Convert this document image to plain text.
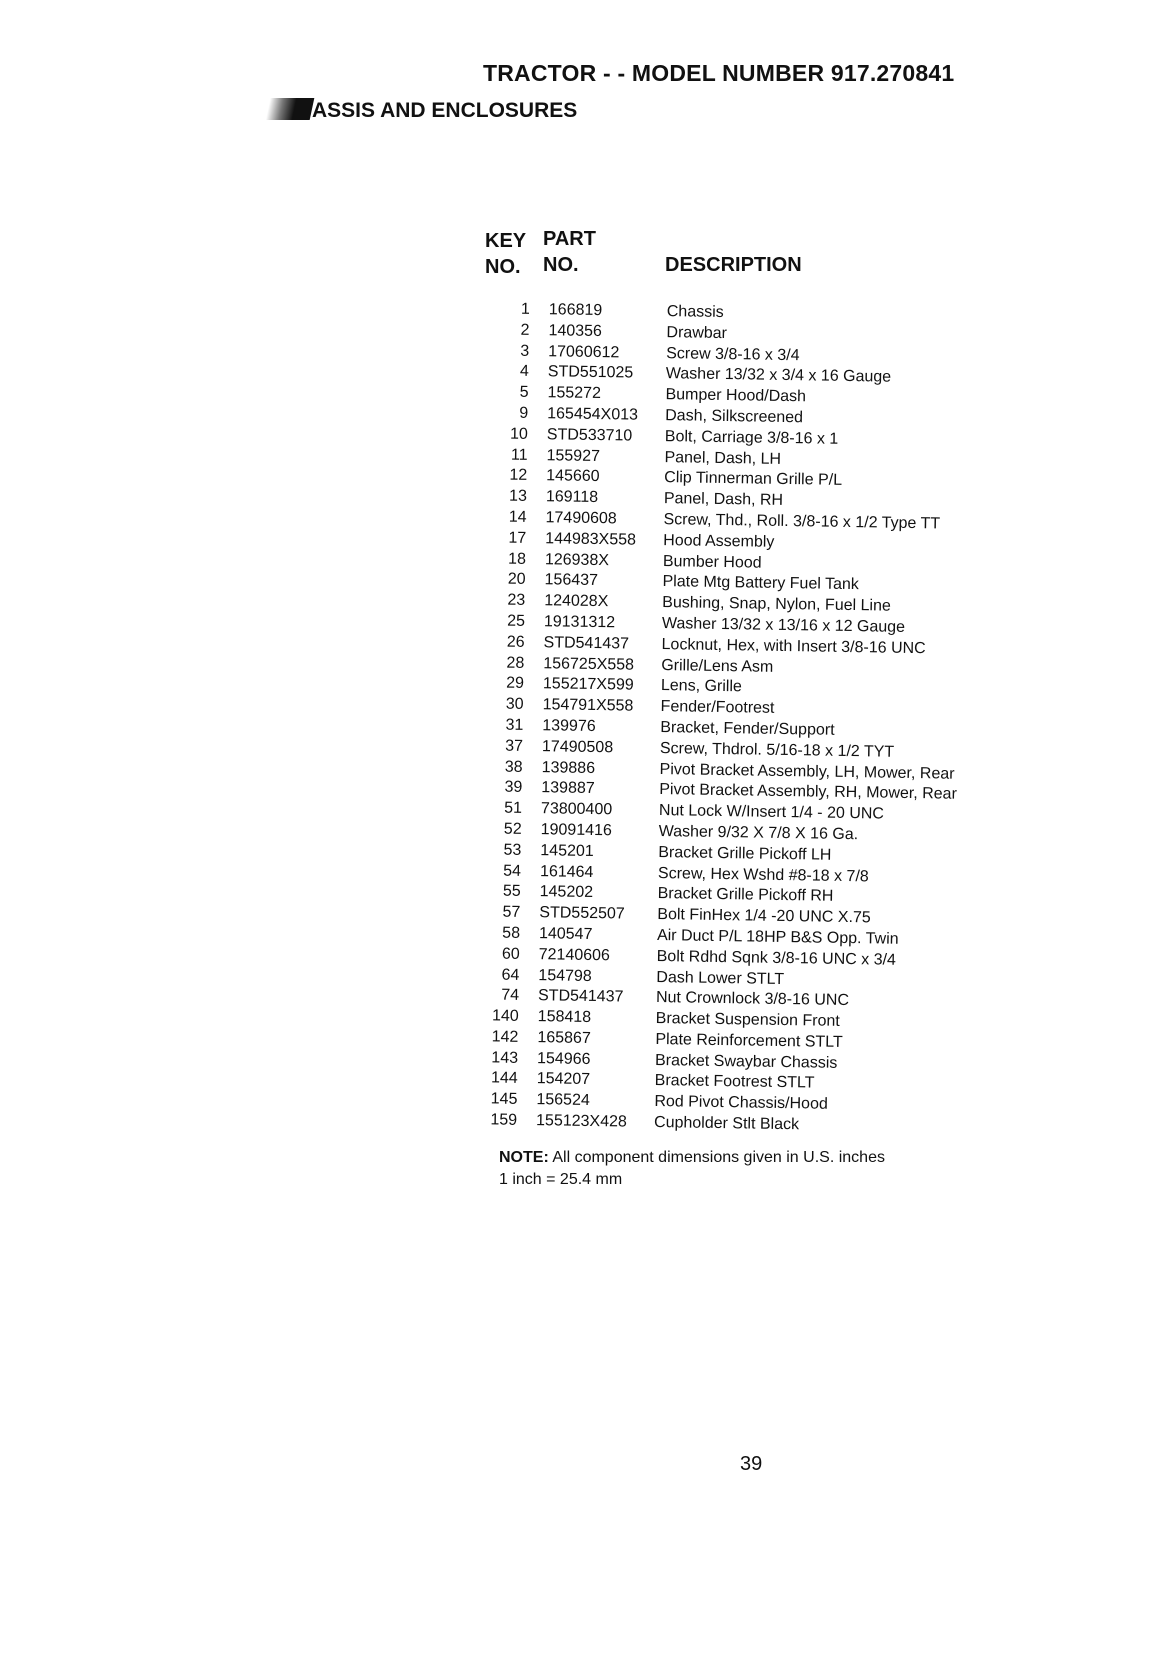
TRACTOR - - MODEL NUMBER 917.270841
ASSIS AND ENCLOSURES
KEY
NO.
PART
NO.	DESCRIPTION
1 166819	Chassis
2 140356	Drawbar
3 17060612	Screw 3/8-16 x 3/4
4 STD551025 Washer 13/32 x 3/4 x 16 Gauge
5 155272	Bumper Hood/Dash
9 165454X013 Dash, Silkscreened
10 STD533710 Bolt, Carriage 3/8-16 x 1
11 155927	Panel, Dash, LH
12 145660	Clip Tinnerman Grille P/L
13 169118	Panel, Dash, RH
14 17490608	Screw, Thd., Roll. 3/8-16 x 1/2 Type TT
17 144983X558 Hood Assembly
18 126938X	Bumber Hood
20 156437	Plate Mtg Battery Fuel Tank
23 124028X	Bushing, Snap, Nylon, Fuel Line
25 19131312	Washer 13/32 x 13/16 x 12 Gauge
26 STD541437 Locknut, Hex, with Insert 3/8-16 UNC
28 156725X558 Grille/Lens Asm
29 155217X599 Lens, Grille
30 154791X558 Fender/Footrest
31 139976	Bracket, Fender/Support
37 17490508	Screw, Thdrol. 5/16-18 x 1/2 TYT
38 139886	Pivot Bracket Assembly, LH, Mower, Rear
39 139887	Pivot Bracket Assembly, RH, Mower, Rear
51 73800400	Nut Lock W/Insert 1/4 - 20 UNC
52 19091416	Washer 9/32 X 7/8 X 16 Ga.
53 145201	Bracket Grille Pickoff LH
54 161464	Screw, Hex Wshd #8-18 x 7/8
55 145202	Bracket Grille Pickoff RH
57 STD552507 Bolt FinHex 1/4 -20 UNC X.75
58 140547	Air Duct P/L 18HP B&S Opp. Twin
60 72140606	Bolt Rdhd Sqnk 3/8-16 UNC x 3/4
64 154798	Dash Lower STLT
74 STD541437 Nut Crownlock 3/8-16 UNC
140 158418	Bracket Suspension Front
142 165867	Plate Reinforcement STLT
143 154966	Bracket Swaybar Chassis
144 154207	Bracket Footrest STLT
145 156524	Rod Pivot Chassis/Hood
159 155123X428 Cupholder Stlt Black
NOTE: All component dimensions given in U.S. inches
1 inch = 25.4 mm
39
